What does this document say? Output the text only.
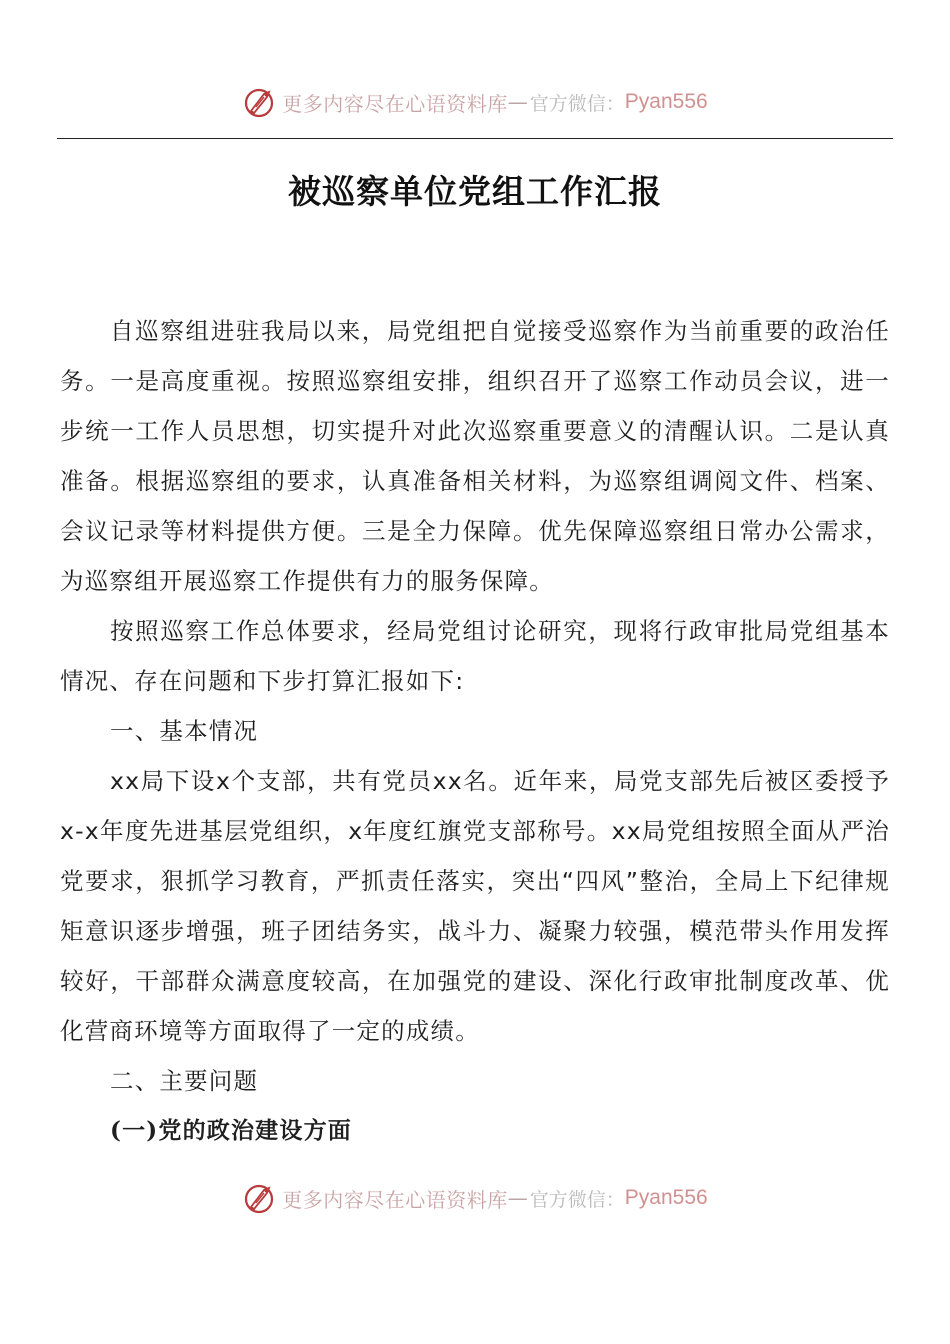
更多内容尽在心语资料库 — 官方微信： Pyan556
被巡察单位党组工作汇报

自巡察组进驻我局以来，局党组把自觉接受巡察作为当前重要的政治任务。一是高度重视。按照巡察组安排，组织召开了巡察工作动员会议，进一步统一工作人员思想，切实提升对此次巡察重要意义的清醒认识。二是认真准备。根据巡察组的要求，认真准备相关材料，为巡察组调阅文件、档案、会议记录等材料提供方便。三是全力保障。优先保障巡察组日常办公需求，为巡察组开展巡察工作提供有力的服务保障。

按照巡察工作总体要求，经局党组讨论研究，现将行政审批局党组基本情况、存在问题和下步打算汇报如下:

一、基本情况

xx局下设x个支部，共有党员xx名。近年来，局党支部先后被区委授予x-x年度先进基层党组织，x年度红旗党支部称号。xx局党组按照全面从严治党要求，狠抓学习教育，严抓责任落实，突出“四风”整治，全局上下纪律规矩意识逐步增强，班子团结务实，战斗力、凝聚力较强，模范带头作用发挥较好，干部群众满意度较高，在加强党的建设、深化行政审批制度改革、优化营商环境等方面取得了一定的成绩。

二、主要问题
(一)党的政治建设方面
更多内容尽在心语资料库 — 官方微信： Pyan556
